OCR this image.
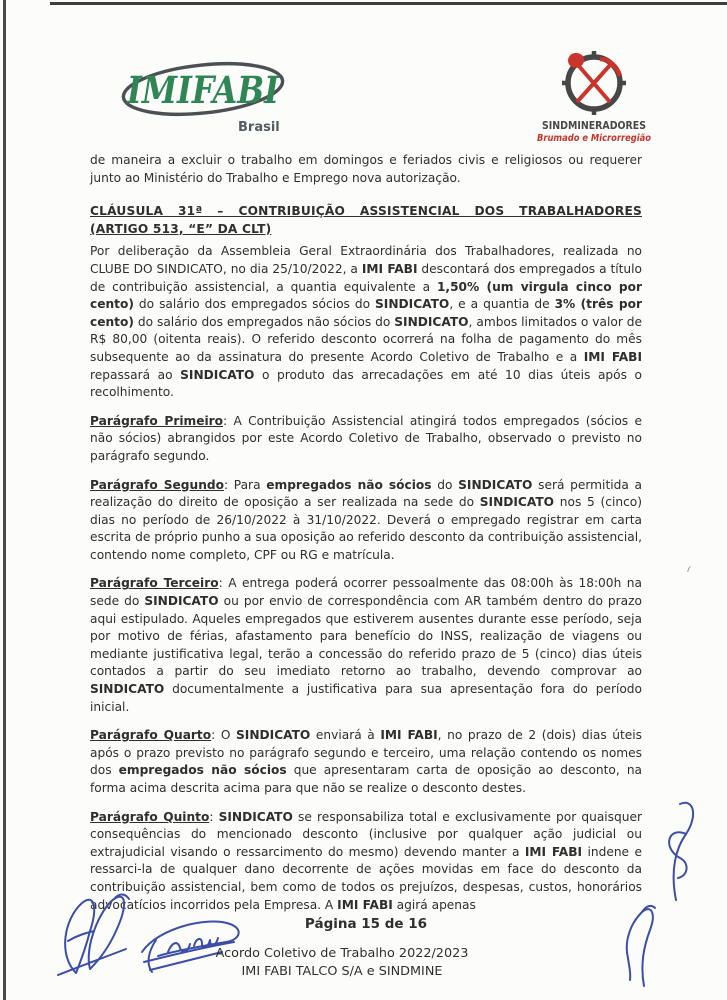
IMIFABI
Brasil	SINDMINERADORES
Brumado e Microrregião

de maneira a excluir o trabalho em domingos e feriados civis e religiosos ou requerer junto ao Ministério do Trabalho e Emprego nova autorização.

CLÁUSULA 31ª – CONTRIBUIÇÃO ASSISTENCIAL DOS TRABALHADORES
(ARTIGO 513, “E” DA CLT)

Por deliberação da Assembleia Geral Extraordinária dos Trabalhadores, realizada no CLUBE DO SINDICATO, no dia 25/10/2022, a IMI FABI descontará dos empregados a título de contribuição assistencial, a quantia equivalente a 1,50% (um virgula cinco por cento) do salário dos empregados sócios do SINDICATO, e a quantia de 3% (três por cento) do salário dos empregados não sócios do SINDICATO, ambos limitados o valor de R$ 80,00 (oitenta reais). O referido desconto ocorrerá na folha de pagamento do mês subsequente ao da assinatura do presente Acordo Coletivo de Trabalho e a IMI FABI repassará ao SINDICATO o produto das arrecadações em até 10 dias úteis após o recolhimento.

Parágrafo Primeiro: A Contribuição Assistencial atingirá todos empregados (sócios e não sócios) abrangidos por este Acordo Coletivo de Trabalho, observado o previsto no parágrafo segundo.

Parágrafo Segundo: Para empregados não sócios do SINDICATO será permitida a realização do direito de oposição a ser realizada na sede do SINDICATO nos 5 (cinco) dias no período de 26/10/2022 à 31/10/2022. Deverá o empregado registrar em carta escrita de próprio punho a sua oposição ao referido desconto da contribuição assistencial, contendo nome completo, CPF ou RG e matrícula.

Parágrafo Terceiro: A entrega poderá ocorrer pessoalmente das 08:00h às 18:00h na sede do SINDICATO ou por envio de correspondência com AR também dentro do prazo aqui estipulado. Aqueles empregados que estiverem ausentes durante esse período, seja por motivo de férias, afastamento para benefício do INSS, realização de viagens ou mediante justificativa legal, terão a concessão do referido prazo de 5 (cinco) dias úteis contados a partir do seu imediato retorno ao trabalho, devendo comprovar ao SINDICATO documentalmente a justificativa para sua apresentação fora do período inicial.

Parágrafo Quarto: O SINDICATO enviará à IMI FABI, no prazo de 2 (dois) dias úteis após o prazo previsto no parágrafo segundo e terceiro, uma relação contendo os nomes dos empregados não sócios que apresentaram carta de oposição ao desconto, na forma acima descrita acima para que não se realize o desconto destes.

Parágrafo Quinto: SINDICATO se responsabiliza total e exclusivamente por quaisquer consequências do mencionado desconto (inclusive por qualquer ação judicial ou extrajudicial visando o ressarcimento do mesmo) devendo manter a IMI FABI indene e ressarci-la de qualquer dano decorrente de ações movidas em face do desconto da contribuição assistencial, bem como de todos os prejuízos, despesas, custos, honorários advocatícios incorridos pela Empresa. A IMI FABI agirá apenas

Página 15 de 16
Acordo Coletivo de Trabalho 2022/2023
IMI FABI TALCO S/A e SINDMINE
